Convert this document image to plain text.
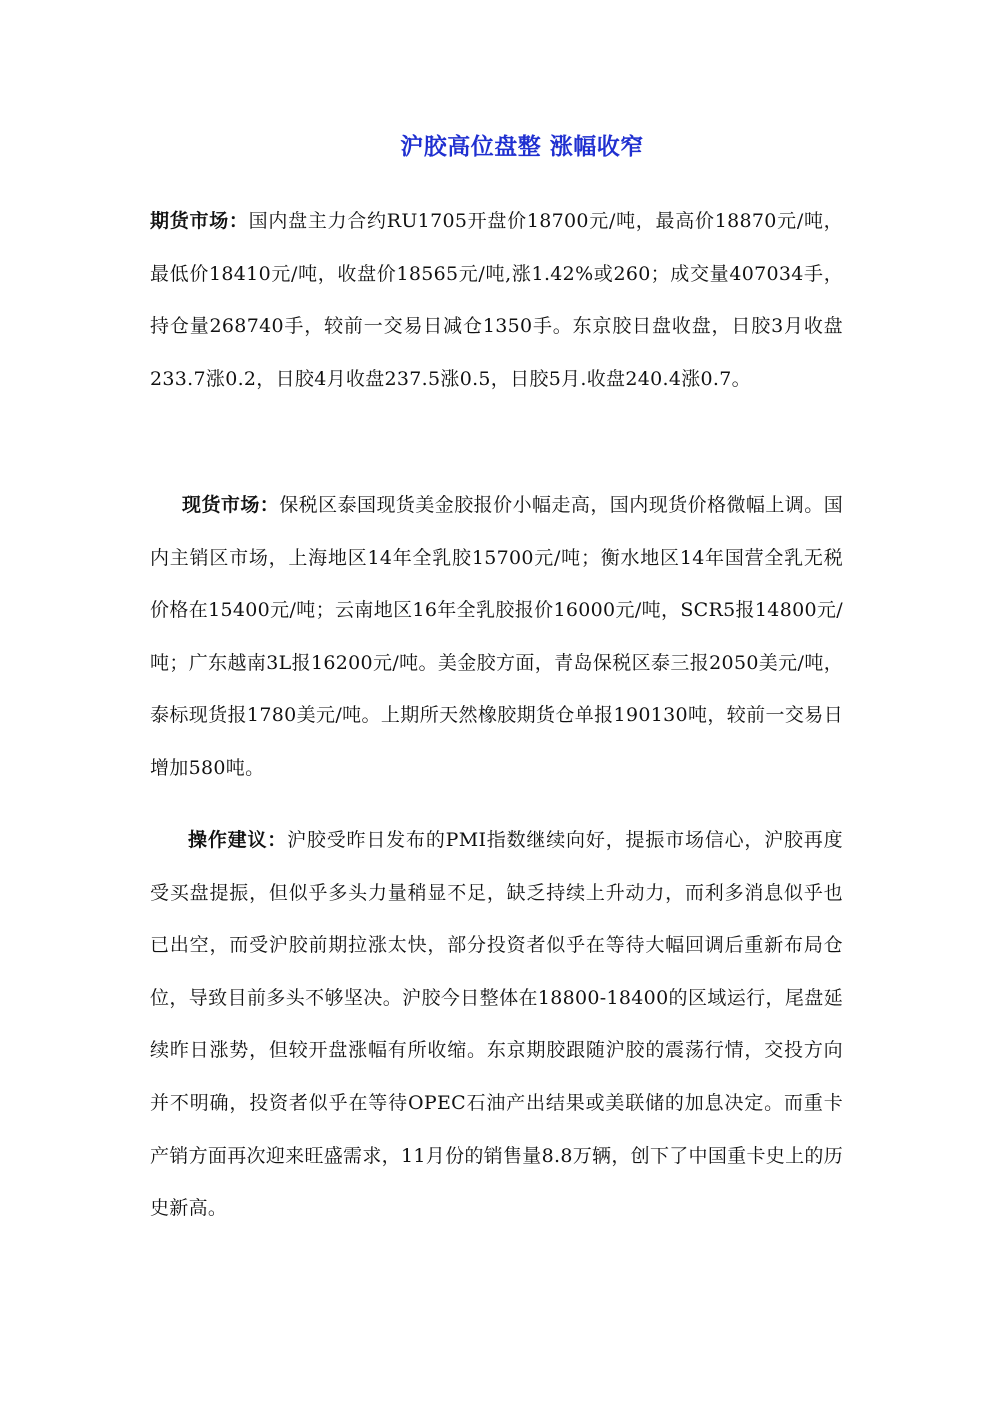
沪胶高位盘整 涨幅收窄

期货市场：国内盘主力合约RU1705开盘价18700元/吨，最高价18870元/吨，最低价18410元/吨，收盘价18565元/吨,涨1.42%或260；成交量407034手，持仓量268740手，较前一交易日减仓1350手。东京胶日盘收盘，日胶3月收盘233.7涨0.2，日胶4月收盘237.5涨0.5，日胶5月.收盘240.4涨0.7。

现货市场：保税区泰国现货美金胶报价小幅走高，国内现货价格微幅上调。国内主销区市场，上海地区14年全乳胶15700元/吨；衡水地区14年国营全乳无税价格在15400元/吨；云南地区16年全乳胶报价16000元/吨，SCR5报14800元/吨；广东越南3L报16200元/吨。美金胶方面，青岛保税区泰三报2050美元/吨，泰标现货报1780美元/吨。上期所天然橡胶期货仓单报190130吨，较前一交易日增加580吨。

操作建议：沪胶受昨日发布的PMI指数继续向好，提振市场信心，沪胶再度受买盘提振，但似乎多头力量稍显不足，缺乏持续上升动力，而利多消息似乎也已出空，而受沪胶前期拉涨太快，部分投资者似乎在等待大幅回调后重新布局仓位，导致目前多头不够坚决。沪胶今日整体在18800-18400的区域运行，尾盘延续昨日涨势，但较开盘涨幅有所收缩。东京期胶跟随沪胶的震荡行情，交投方向并不明确，投资者似乎在等待OPEC石油产出结果或美联储的加息决定。而重卡产销方面再次迎来旺盛需求，11月份的销售量8.8万辆，创下了中国重卡史上的历史新高。
